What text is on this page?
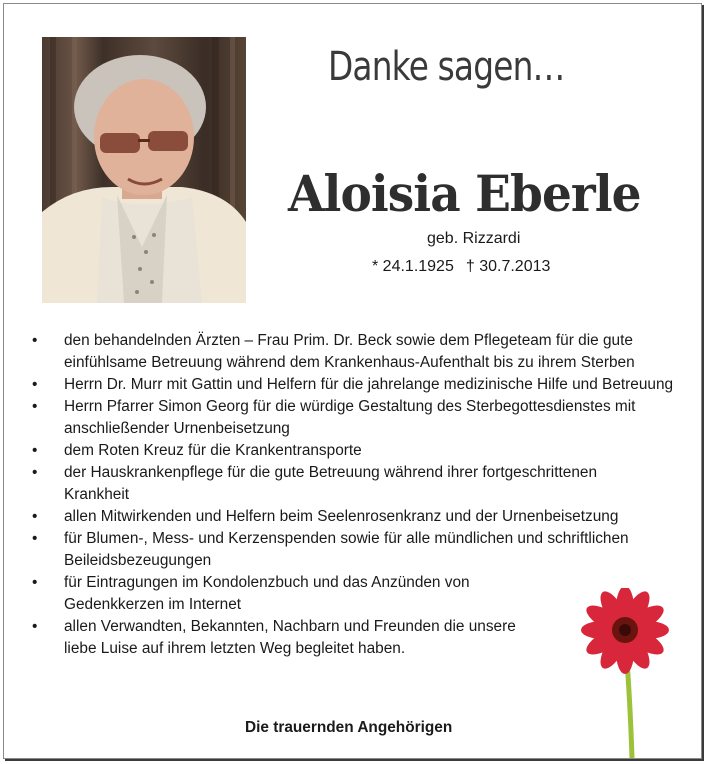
Danke sagen…
Aloisia Eberle
geb. Rizzardi
* 24.1.1925 † 30.7.2013
• den behandelnden Ärzten – Frau Prim. Dr. Beck sowie dem Pflegeteam für die gute einfühlsame Betreuung während dem Krankenhaus-Aufenthalt bis zu ihrem Sterben
• Herrn Dr. Murr mit Gattin und Helfern für die jahrelange medizinische Hilfe und Betreuung
• Herrn Pfarrer Simon Georg für die würdige Gestaltung des Sterbegottesdienstes mit anschließender Urnenbeisetzung
• dem Roten Kreuz für die Krankentransporte
• der Hauskrankenpflege für die gute Betreuung während ihrer fortgeschrittenen Krankheit
• allen Mitwirkenden und Helfern beim Seelenrosenkranz und der Urnenbeisetzung
• für Blumen-, Mess- und Kerzenspenden sowie für alle mündlichen und schriftlichen Beileidsbezeugungen
• für Eintragungen im Kondolenzbuch und das Anzünden von Gedenkkerzen im Internet
• allen Verwandten, Bekannten, Nachbarn und Freunden die unsere liebe Luise auf ihrem letzten Weg begleitet haben.
Die trauernden Angehörigen
